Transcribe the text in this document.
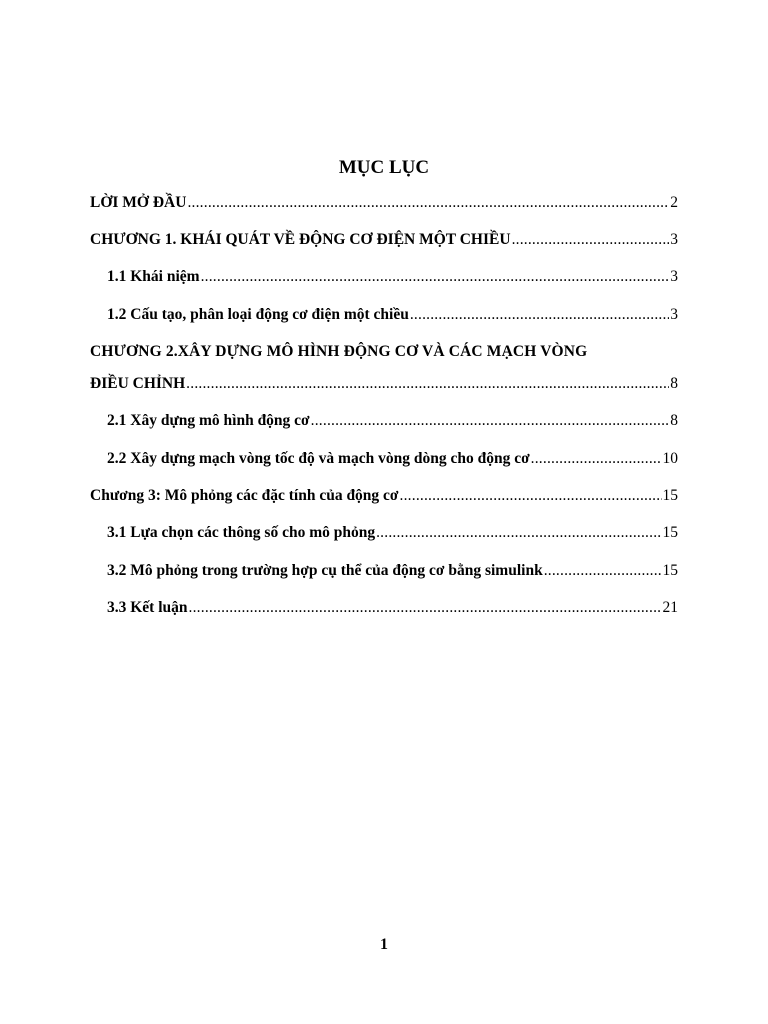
MỤC LỤC
LỜI MỞ ĐẦU .....	2
CHƯƠNG 1. KHÁI QUÁT VỀ ĐỘNG CƠ ĐIỆN MỘT CHIỀU .....	3
1.1 Khái niệm .....	3
1.2 Cấu tạo, phân loại động cơ điện một chiều .....	3
CHƯƠNG 2.XÂY DỰNG MÔ HÌNH ĐỘNG CƠ VÀ CÁC MẠCH VÒNG
ĐIỀU CHỈNH .....	8
2.1 Xây dựng mô hình động cơ .....	8
2.2 Xây dựng mạch vòng tốc độ và mạch vòng dòng cho động cơ .....	10
Chương 3: Mô phỏng các đặc tính của động cơ .....	15
3.1 Lựa chọn các thông số cho mô phỏng .....	15
3.2 Mô phỏng trong trường hợp cụ thể của động cơ bằng simulink .....	15
3.3 Kết luận .....	21
1
